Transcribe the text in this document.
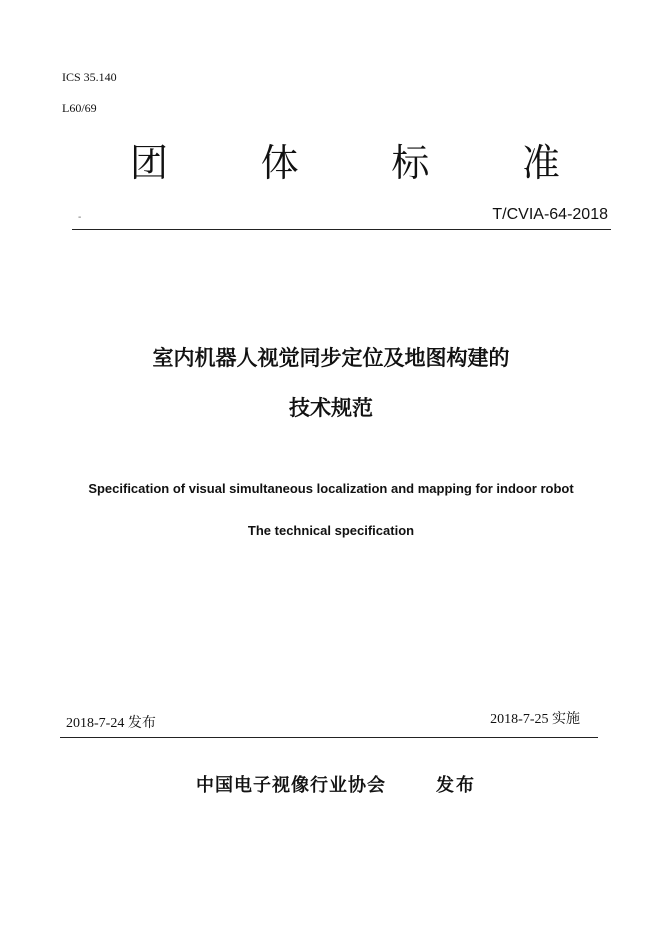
ICS 35.140
L60/69
团 体 标 准
-	T/CVIA-64-2018
室内机器人视觉同步定位及地图构建的
技术规范
Specification of visual simultaneous localization and mapping for indoor robot
The technical specification
2018-7-24 发布	2018-7-25 实施
中国电子视像行业协会	发布
